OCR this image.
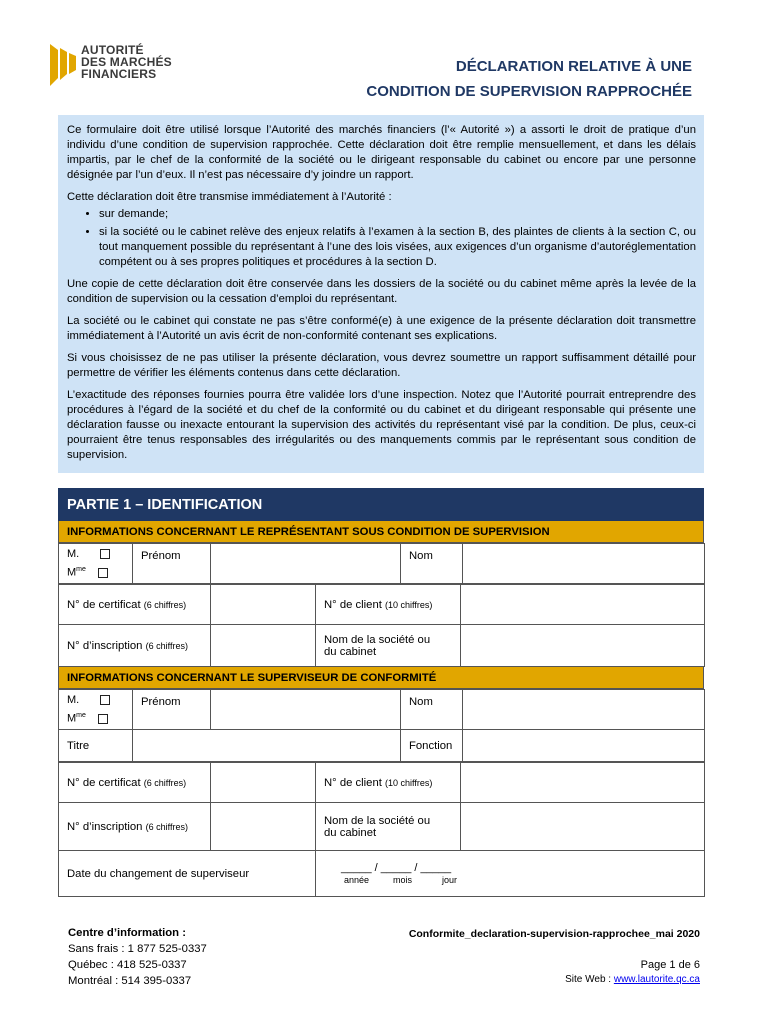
AUTORITÉ
DES MARCHÉS
FINANCIERS	DÉCLARATION RELATIVE À UNE
CONDITION DE SUPERVISION RAPPROCHÉE

Ce formulaire doit être utilisé lorsque l’Autorité des marchés financiers (l’« Autorité ») a assorti le droit de pratique d’un individu d’une condition de supervision rapprochée. Cette déclaration doit être remplie mensuellement, et dans les délais impartis, par le chef de la conformité de la société ou le dirigeant responsable du cabinet ou encore par une personne désignée par l’un d’eux. Il n’est pas nécessaire d’y joindre un rapport.

Cette déclaration doit être transmise immédiatement à l’Autorité :

• sur demande;
• si la société ou le cabinet relève des enjeux relatifs à l’examen à la section B, des plaintes de clients à la section C, ou tout manquement possible du représentant à l’une des lois visées, aux exigences d’un organisme d’autoréglementation compétent ou à ses propres politiques et procédures à la section D.

Une copie de cette déclaration doit être conservée dans les dossiers de la société ou du cabinet même après la levée de la condition de supervision ou la cessation d’emploi du représentant.

La société ou le cabinet qui constate ne pas s’être conformé(e) à une exigence de la présente déclaration doit transmettre immédiatement à l’Autorité un avis écrit de non-conformité contenant ses explications.

Si vous choisissez de ne pas utiliser la présente déclaration, vous devrez soumettre un rapport suffisamment détaillé pour permettre de vérifier les éléments contenus dans cette déclaration.

L’exactitude des réponses fournies pourra être validée lors d’une inspection. Notez que l’Autorité pourrait entreprendre des procédures à l’égard de la société et du chef de la conformité ou du cabinet et du dirigeant responsable qui présente une déclaration fausse ou inexacte entourant la supervision des activités du représentant visé par la condition. De plus, ceux-ci pourraient être tenus responsables des irrégularités ou des manquements commis par le représentant sous condition de supervision.

PARTIE 1 – IDENTIFICATION
INFORMATIONS CONCERNANT LE REPRÉSENTANT SOUS CONDITION DE SUPERVISION
M.
$M^{me}$
	Prénom		Nom	
N° de certificat (6 chiffres)		N° de client (10 chiffres)	
N° d’inscription (6 chiffres)		Nom de la société ou
du cabinet	

INFORMATIONS CONCERNANT LE SUPERVISEUR DE CONFORMITÉ
M.
$M^{me}$	Prénom		Nom	
Titre			Fonction	
N° de certificat (6 chiffres)		N° de client (10 chiffres)	
N° d’inscription (6 chiffres)		Nom de la société ou
du cabinet	

Date du changement de superviseur		_____ / _____ / _____
année mois jour	
Centre d’information :
Sans frais : 1 877 525-0337
Québec : 418 525-0337
Montréal : 514 395-0337
Conformite_declaration-supervision-rapprochee_mai 2020
Page 1 de 6
Site Web : www.lautorite.qc.ca
